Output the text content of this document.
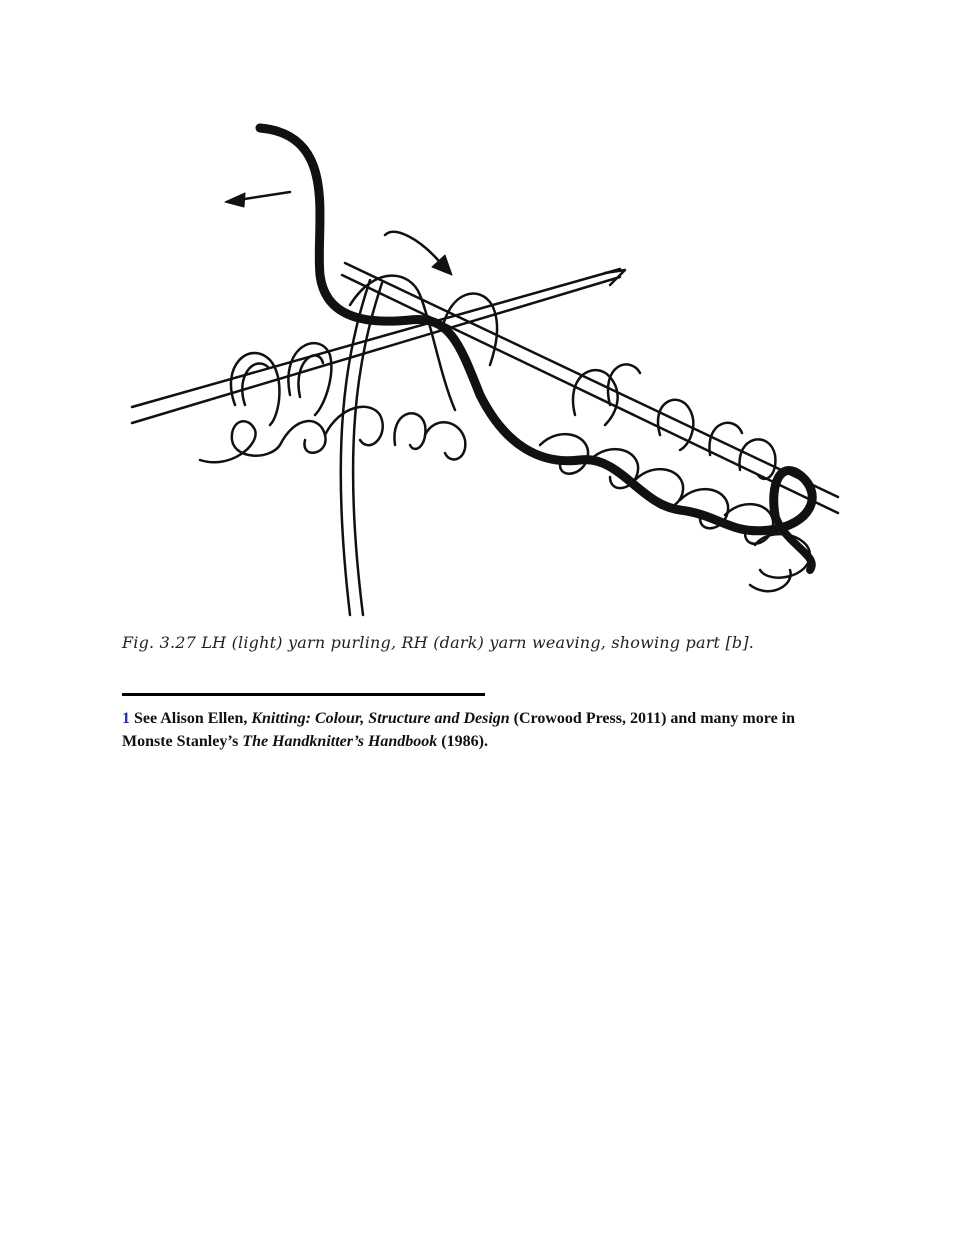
Fig. 3.27 LH (light) yarn purling, RH (dark) yarn weaving, showing part [b].
1 See Alison Ellen, Knitting: Colour, Structure and Design (Crowood Press, 2011) and many more in Monste Stanley’s The Handknitter’s Handbook (1986).
